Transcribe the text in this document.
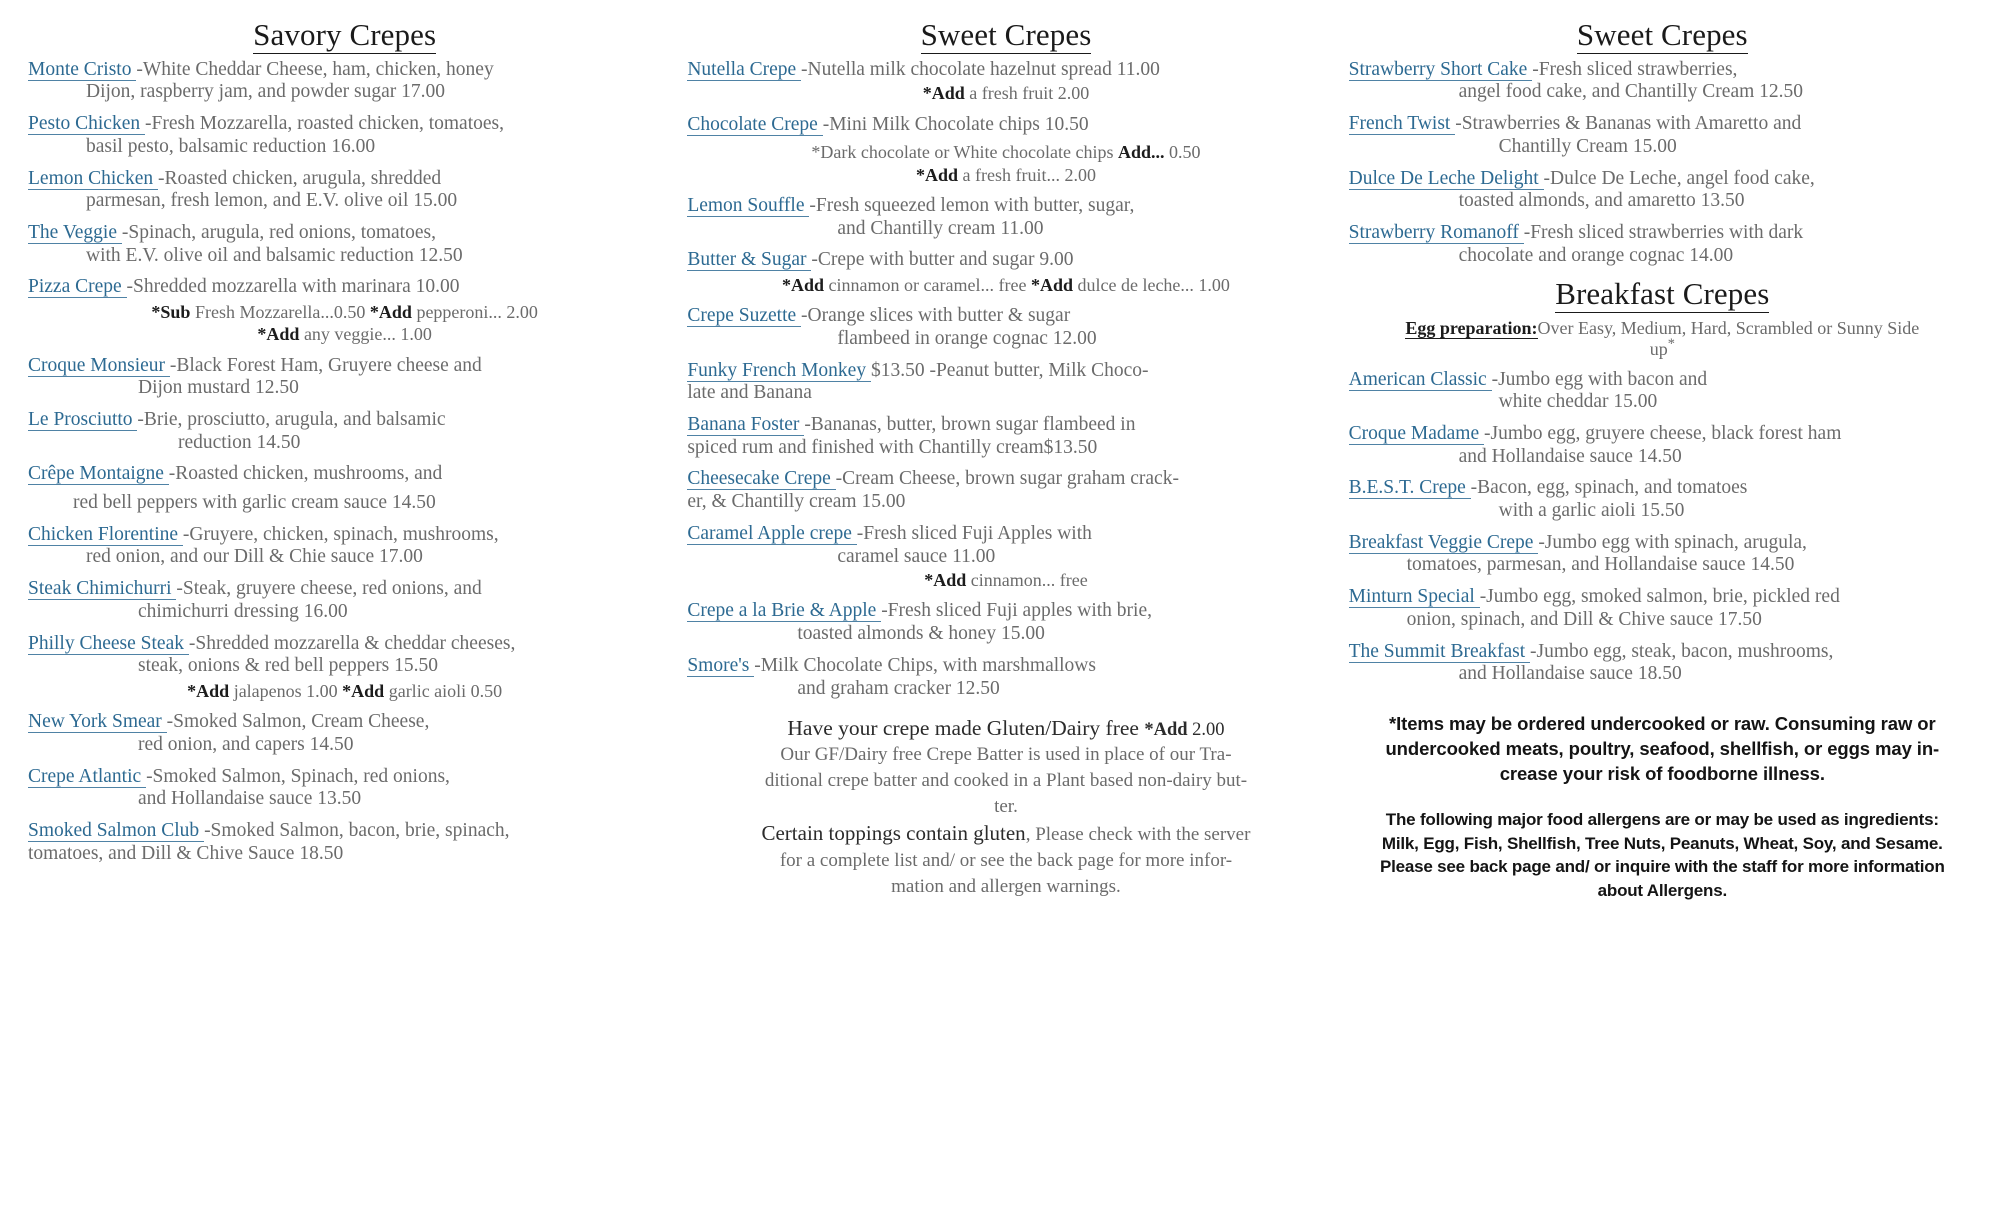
Savory Crepes
Monte Cristo -White Cheddar Cheese, ham, chicken, honey
Dijon, raspberry jam, and powder sugar 17.00
Pesto Chicken -Fresh Mozzarella, roasted chicken, tomatoes,
basil pesto, balsamic reduction 16.00
Lemon Chicken -Roasted chicken, arugula, shredded
parmesan, fresh lemon, and E.V. olive oil 15.00
The Veggie -Spinach, arugula, red onions, tomatoes,
with E.V. olive oil and balsamic reduction 12.50
Pizza Crepe -Shredded mozzarella with marinara 10.00
*Sub Fresh Mozzarella...0.50 *Add pepperoni... 2.00
*Add any veggie... 1.00
Croque Monsieur -Black Forest Ham, Gruyere cheese and
Dijon mustard 12.50
Le Prosciutto -Brie, prosciutto, arugula, and balsamic
reduction 14.50
Crêpe Montaigne -Roasted chicken, mushrooms, and
red bell peppers with garlic cream sauce 14.50
Chicken Florentine -Gruyere, chicken, spinach, mushrooms,
red onion, and our Dill & Chie sauce 17.00
Steak Chimichurri -Steak, gruyere cheese, red onions, and
chimichurri dressing 16.00
Philly Cheese Steak -Shredded mozzarella & cheddar cheeses,
steak, onions & red bell peppers 15.50
*Add jalapenos 1.00 *Add garlic aioli 0.50
New York Smear -Smoked Salmon, Cream Cheese,
red onion, and capers 14.50
Crepe Atlantic -Smoked Salmon, Spinach, red onions,
and Hollandaise sauce 13.50
Smoked Salmon Club -Smoked Salmon, bacon, brie, spinach,
tomatoes, and Dill & Chive Sauce 18.50
Sweet Crepes
Nutella Crepe -Nutella milk chocolate hazelnut spread 11.00
*Add a fresh fruit 2.00
Chocolate Crepe -Mini Milk Chocolate chips 10.50
*Dark chocolate or White chocolate chips Add... 0.50
*Add a fresh fruit... 2.00
Lemon Souffle -Fresh squeezed lemon with butter, sugar,
and Chantilly cream 11.00
Butter & Sugar -Crepe with butter and sugar 9.00
*Add cinnamon or caramel... free *Add dulce de leche... 1.00
Crepe Suzette -Orange slices with butter & sugar
flambeed in orange cognac 12.00
Funky French Monkey $13.50 -Peanut butter, Milk Choco-
late and Banana
Banana Foster -Bananas, butter, brown sugar flambeed in
spiced rum and finished with Chantilly cream$13.50
Cheesecake Crepe -Cream Cheese, brown sugar graham crack-
er, & Chantilly cream 15.00
Caramel Apple crepe -Fresh sliced Fuji Apples with
caramel sauce 11.00
*Add cinnamon... free
Crepe a la Brie & Apple -Fresh sliced Fuji apples with brie,
toasted almonds & honey 15.00
Smore's -Milk Chocolate Chips, with marshmallows
and graham cracker 12.50
Have your crepe made Gluten/Dairy free *Add 2.00

Our GF/Dairy free Crepe Batter is used in place of our Tra-

ditional crepe batter and cooked in a Plant based non-dairy but-

ter.

Certain toppings contain gluten, Please check with the server

for a complete list and/ or see the back page for more infor-

mation and allergen warnings.

Sweet Crepes
Strawberry Short Cake -Fresh sliced strawberries,
angel food cake, and Chantilly Cream 12.50
French Twist -Strawberries & Bananas with Amaretto and
Chantilly Cream 15.00
Dulce De Leche Delight -Dulce De Leche, angel food cake,
toasted almonds, and amaretto 13.50
Strawberry Romanoff -Fresh sliced strawberries with dark
chocolate and orange cognac 14.00
Breakfast Crepes
Egg preparation:Over Easy, Medium, Hard, Scrambled or Sunny Side
up*
American Classic -Jumbo egg with bacon and
white cheddar 15.00
Croque Madame -Jumbo egg, gruyere cheese, black forest ham
and Hollandaise sauce 14.50
B.E.S.T. Crepe -Bacon, egg, spinach, and tomatoes
with a garlic aioli 15.50
Breakfast Veggie Crepe -Jumbo egg with spinach, arugula,
tomatoes, parmesan, and Hollandaise sauce 14.50
Minturn Special -Jumbo egg, smoked salmon, brie, pickled red
onion, spinach, and Dill & Chive sauce 17.50
The Summit Breakfast -Jumbo egg, steak, bacon, mushrooms,
and Hollandaise sauce 18.50
*Items may be ordered undercooked or raw. Consuming raw or
undercooked meats, poultry, seafood, shellfish, or eggs may in-
crease your risk of foodborne illness.
The following major food allergens are or may be used as ingredients:
Milk, Egg, Fish, Shellfish, Tree Nuts, Peanuts, Wheat, Soy, and Sesame.
Please see back page and/ or inquire with the staff for more information
about Allergens.
